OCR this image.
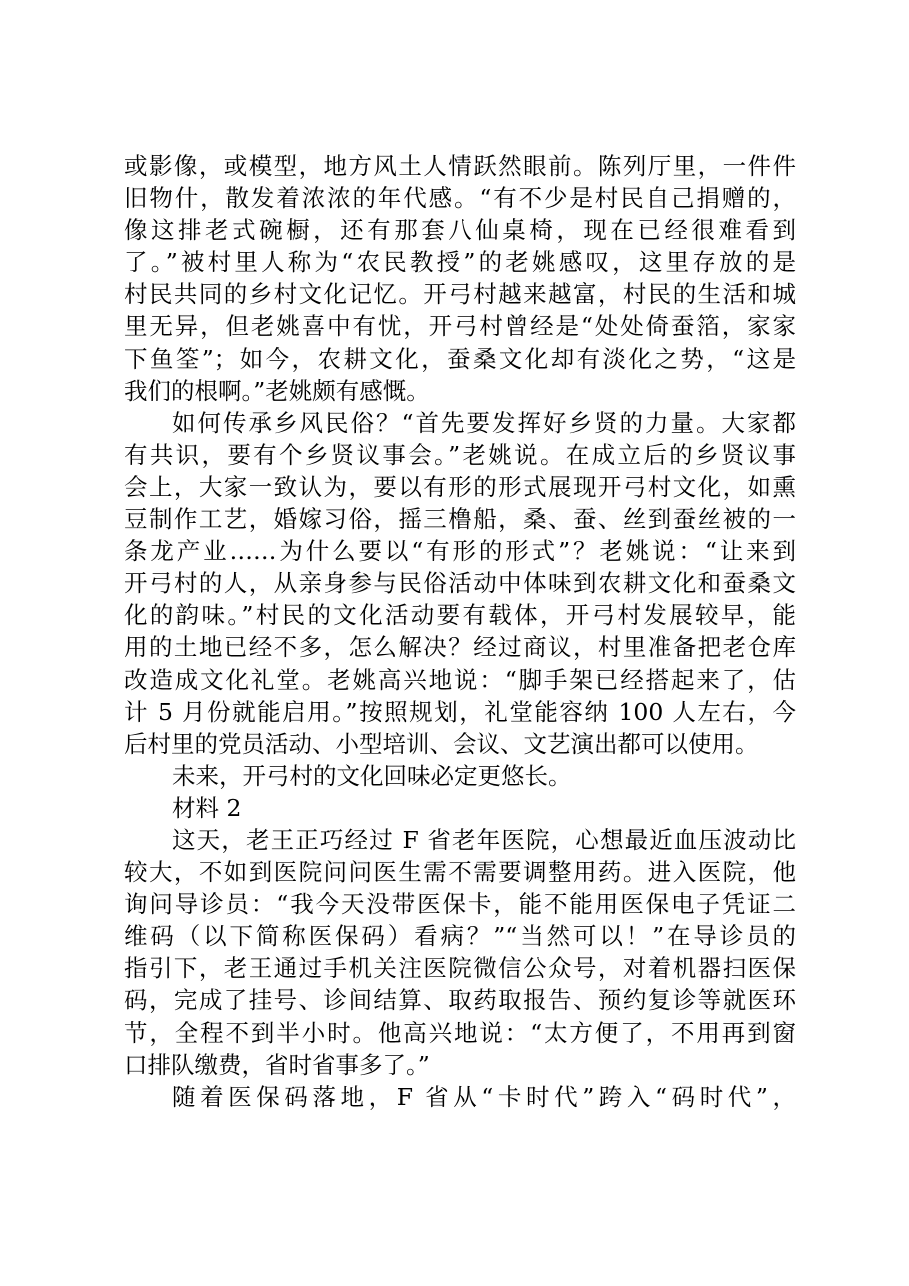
或影像，或模型，地方风土人情跃然眼前。陈列厅里，一件件
旧物什，散发着浓浓的年代感。“有不少是村民自己捐赠的，
像这排老式碗橱，还有那套八仙桌椅，现在已经很难看到
了。”被村里人称为“农民教授”的老姚感叹，这里存放的是
村民共同的乡村文化记忆。开弓村越来越富，村民的生活和城
里无异，但老姚喜中有忧，开弓村曾经是“处处倚蚕箔，家家
下鱼筌”；如今，农耕文化，蚕桑文化却有淡化之势，“这是
我们的根啊。”老姚颇有感慨。
如何传承乡风民俗？“首先要发挥好乡贤的力量。大家都
有共识，要有个乡贤议事会。”老姚说。在成立后的乡贤议事
会上，大家一致认为，要以有形的形式展现开弓村文化，如熏
豆制作工艺，婚嫁习俗，摇三橹船，桑、蚕、丝到蚕丝被的一
条龙产业……为什么要以“有形的形式”？老姚说：“让来到
开弓村的人，从亲身参与民俗活动中体味到农耕文化和蚕桑文
化的韵味。”村民的文化活动要有载体，开弓村发展较早，能
用的土地已经不多，怎么解决？经过商议，村里准备把老仓库
改造成文化礼堂。老姚高兴地说：“脚手架已经搭起来了，估
计 5 月份就能启用。”按照规划，礼堂能容纳 100 人左右，今
后村里的党员活动、小型培训、会议、文艺演出都可以使用。
未来，开弓村的文化回味必定更悠长。
材料 2
这天，老王正巧经过 F 省老年医院，心想最近血压波动比
较大，不如到医院问问医生需不需要调整用药。进入医院，他
询问导诊员：“我今天没带医保卡，能不能用医保电子凭证二
维码（以下简称医保码）看病？”“当然可以！”在导诊员的
指引下，老王通过手机关注医院微信公众号，对着机器扫医保
码，完成了挂号、诊间结算、取药取报告、预约复诊等就医环
节，全程不到半小时。他高兴地说：“太方便了，不用再到窗
口排队缴费，省时省事多了。”
随着医保码落地，F 省从“卡时代”跨入“码时代”，
